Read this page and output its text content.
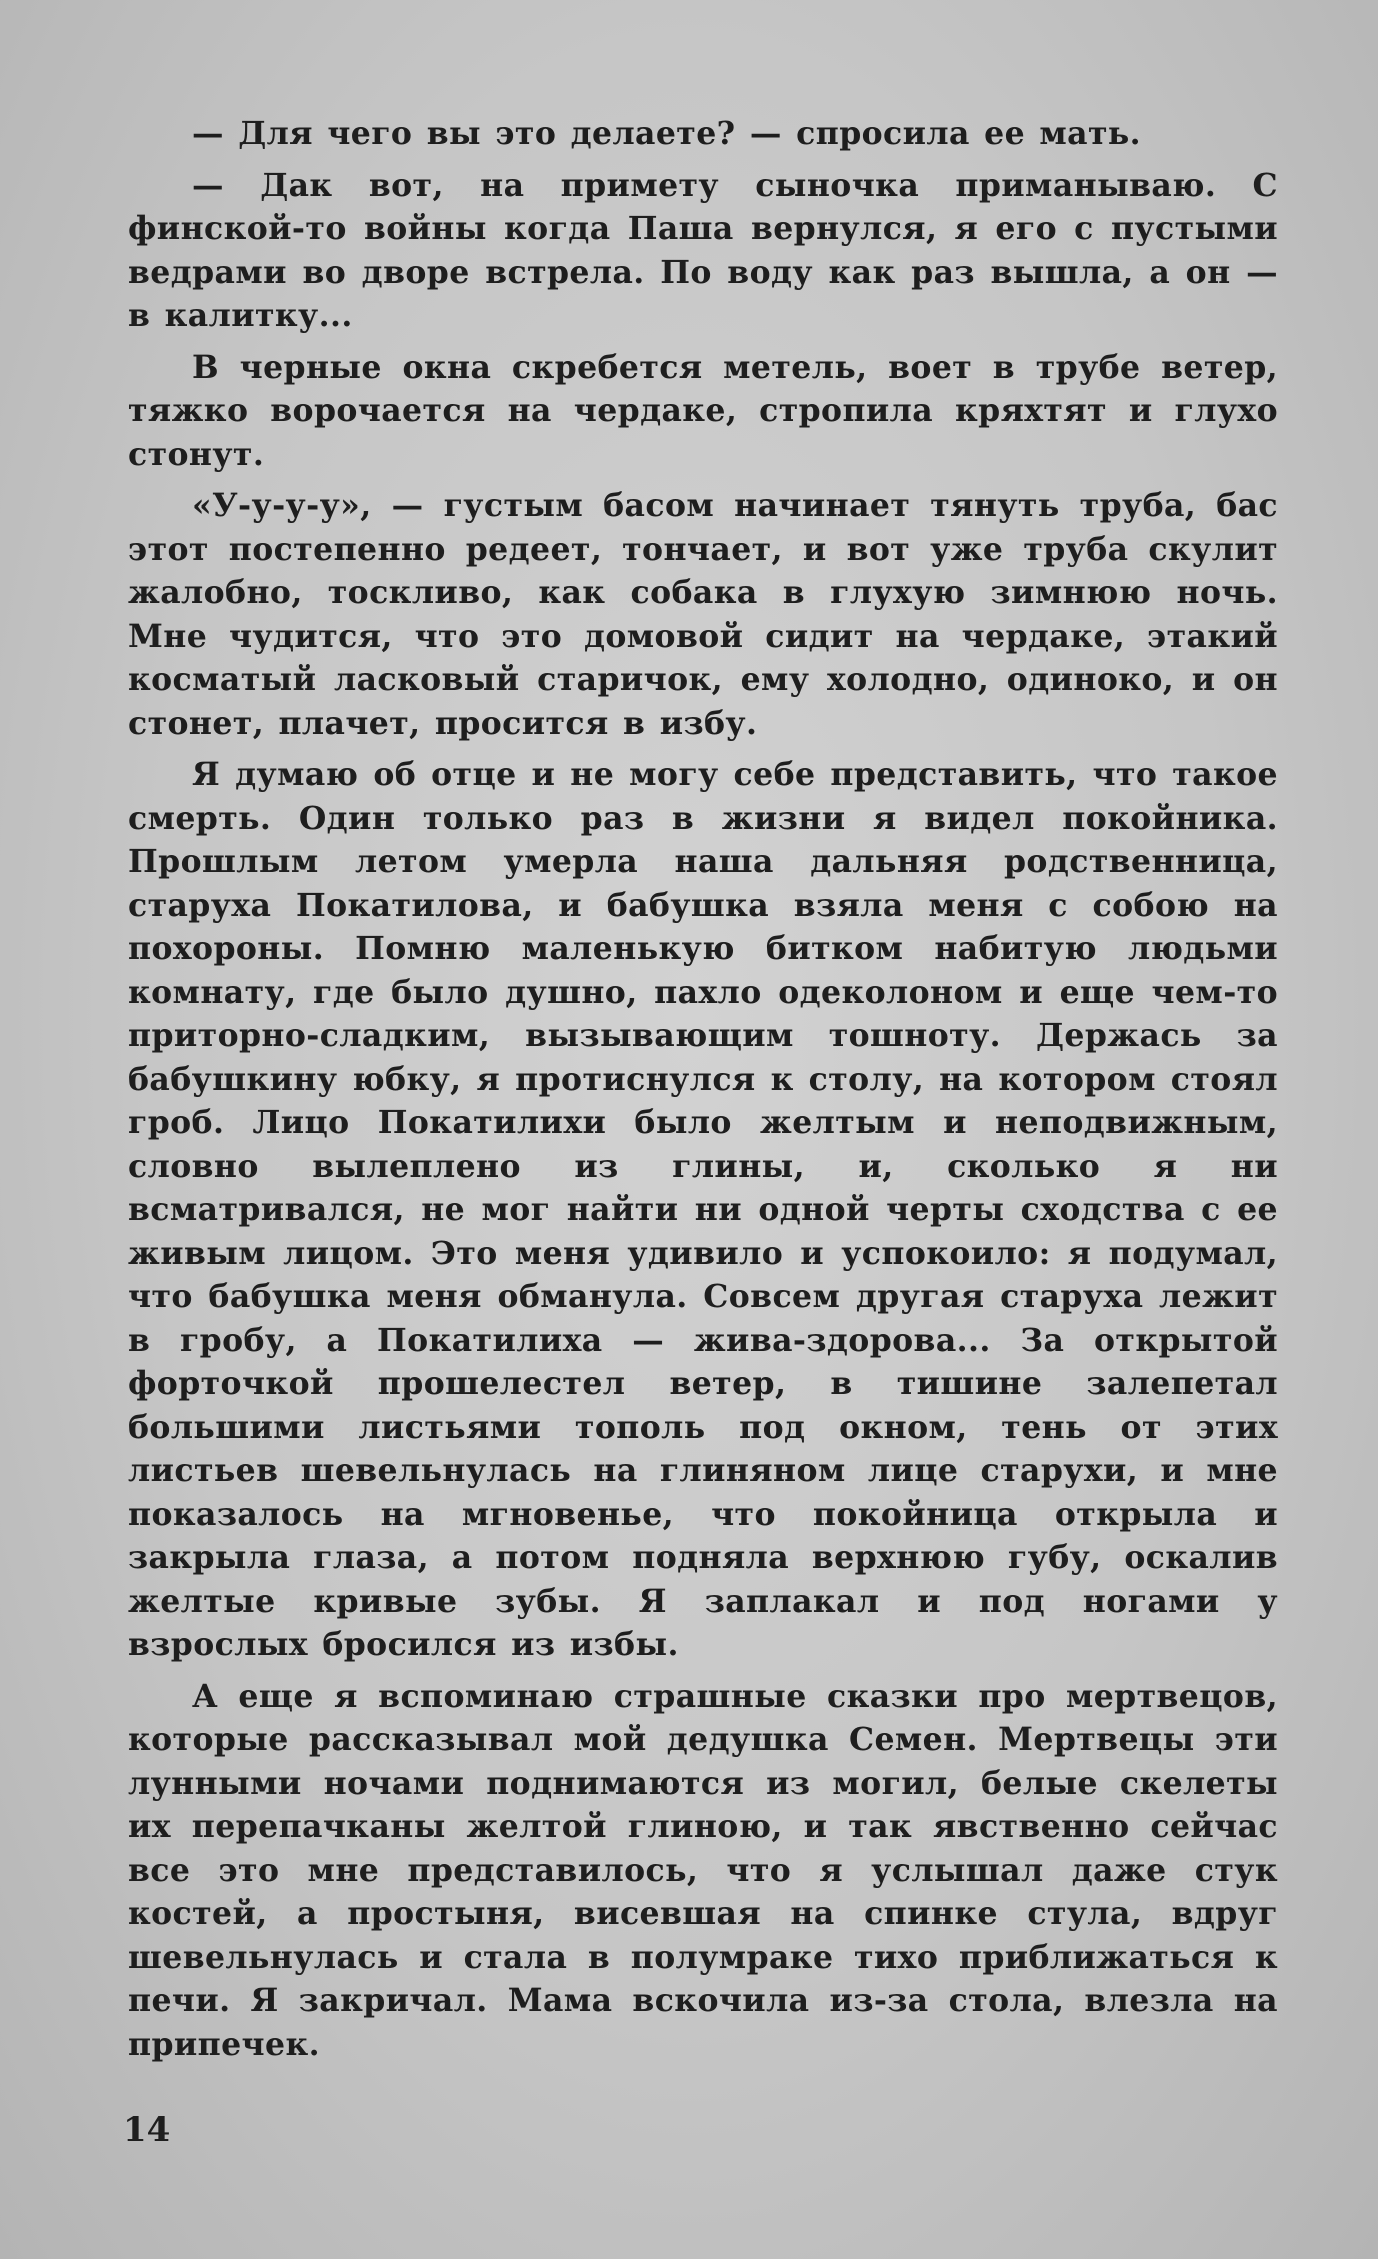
— Для чего вы это делаете? — спросила ее мать.

— Дак вот, на примету сыночка приманываю. С финской-то войны когда Паша вернулся, я его с пустыми ведрами во дворе встрела. По воду как раз вышла, а он — в калитку...

В черные окна скребется метель, воет в трубе ветер, тяжко ворочается на чердаке, стропила кряхтят и глухо стонут.

«У-у-у-у», — густым басом начинает тянуть труба, бас этот постепенно редеет, тончает, и вот уже труба скулит жалобно, тоскливо, как собака в глухую зимнюю ночь. Мне чудится, что это домовой сидит на чердаке, этакий косматый ласковый старичок, ему холодно, одиноко, и он стонет, плачет, просится в избу.

Я думаю об отце и не могу себе представить, что такое смерть. Один только раз в жизни я видел покойника. Прошлым летом умерла наша дальняя родственница, старуха Покатилова, и бабушка взяла меня с собою на похороны. Помню маленькую битком набитую людьми комнату, где было душно, пахло одеколоном и еще чем-то приторно-сладким, вызывающим тошноту. Держась за бабушкину юбку, я протиснулся к столу, на котором стоял гроб. Лицо Покатилихи было желтым и неподвижным, словно вылеплено из глины, и, сколько я ни всматривался, не мог найти ни одной черты сходства с ее живым лицом. Это меня удивило и успокоило: я подумал, что бабушка меня обманула. Совсем другая старуха лежит в гробу, а Покатилиха — жива-здорова... За открытой форточкой прошелестел ветер, в тишине залепетал большими листьями тополь под окном, тень от этих листьев шевельнулась на глиняном лице старухи, и мне показалось на мгновенье, что покойница открыла и закрыла глаза, а потом подняла верхнюю губу, оскалив желтые кривые зубы. Я заплакал и под ногами у взрослых бросился из избы.

А еще я вспоминаю страшные сказки про мертвецов, которые рассказывал мой дедушка Семен. Мертвецы эти лунными ночами поднимаются из могил, белые скелеты их перепачканы желтой глиною, и так явственно сейчас все это мне представилось, что я услышал даже стук костей, а простыня, висевшая на спинке стула, вдруг шевельнулась и стала в полумраке тихо приближаться к печи. Я закричал. Мама вскочила из-за стола, влезла на припечек.

14
